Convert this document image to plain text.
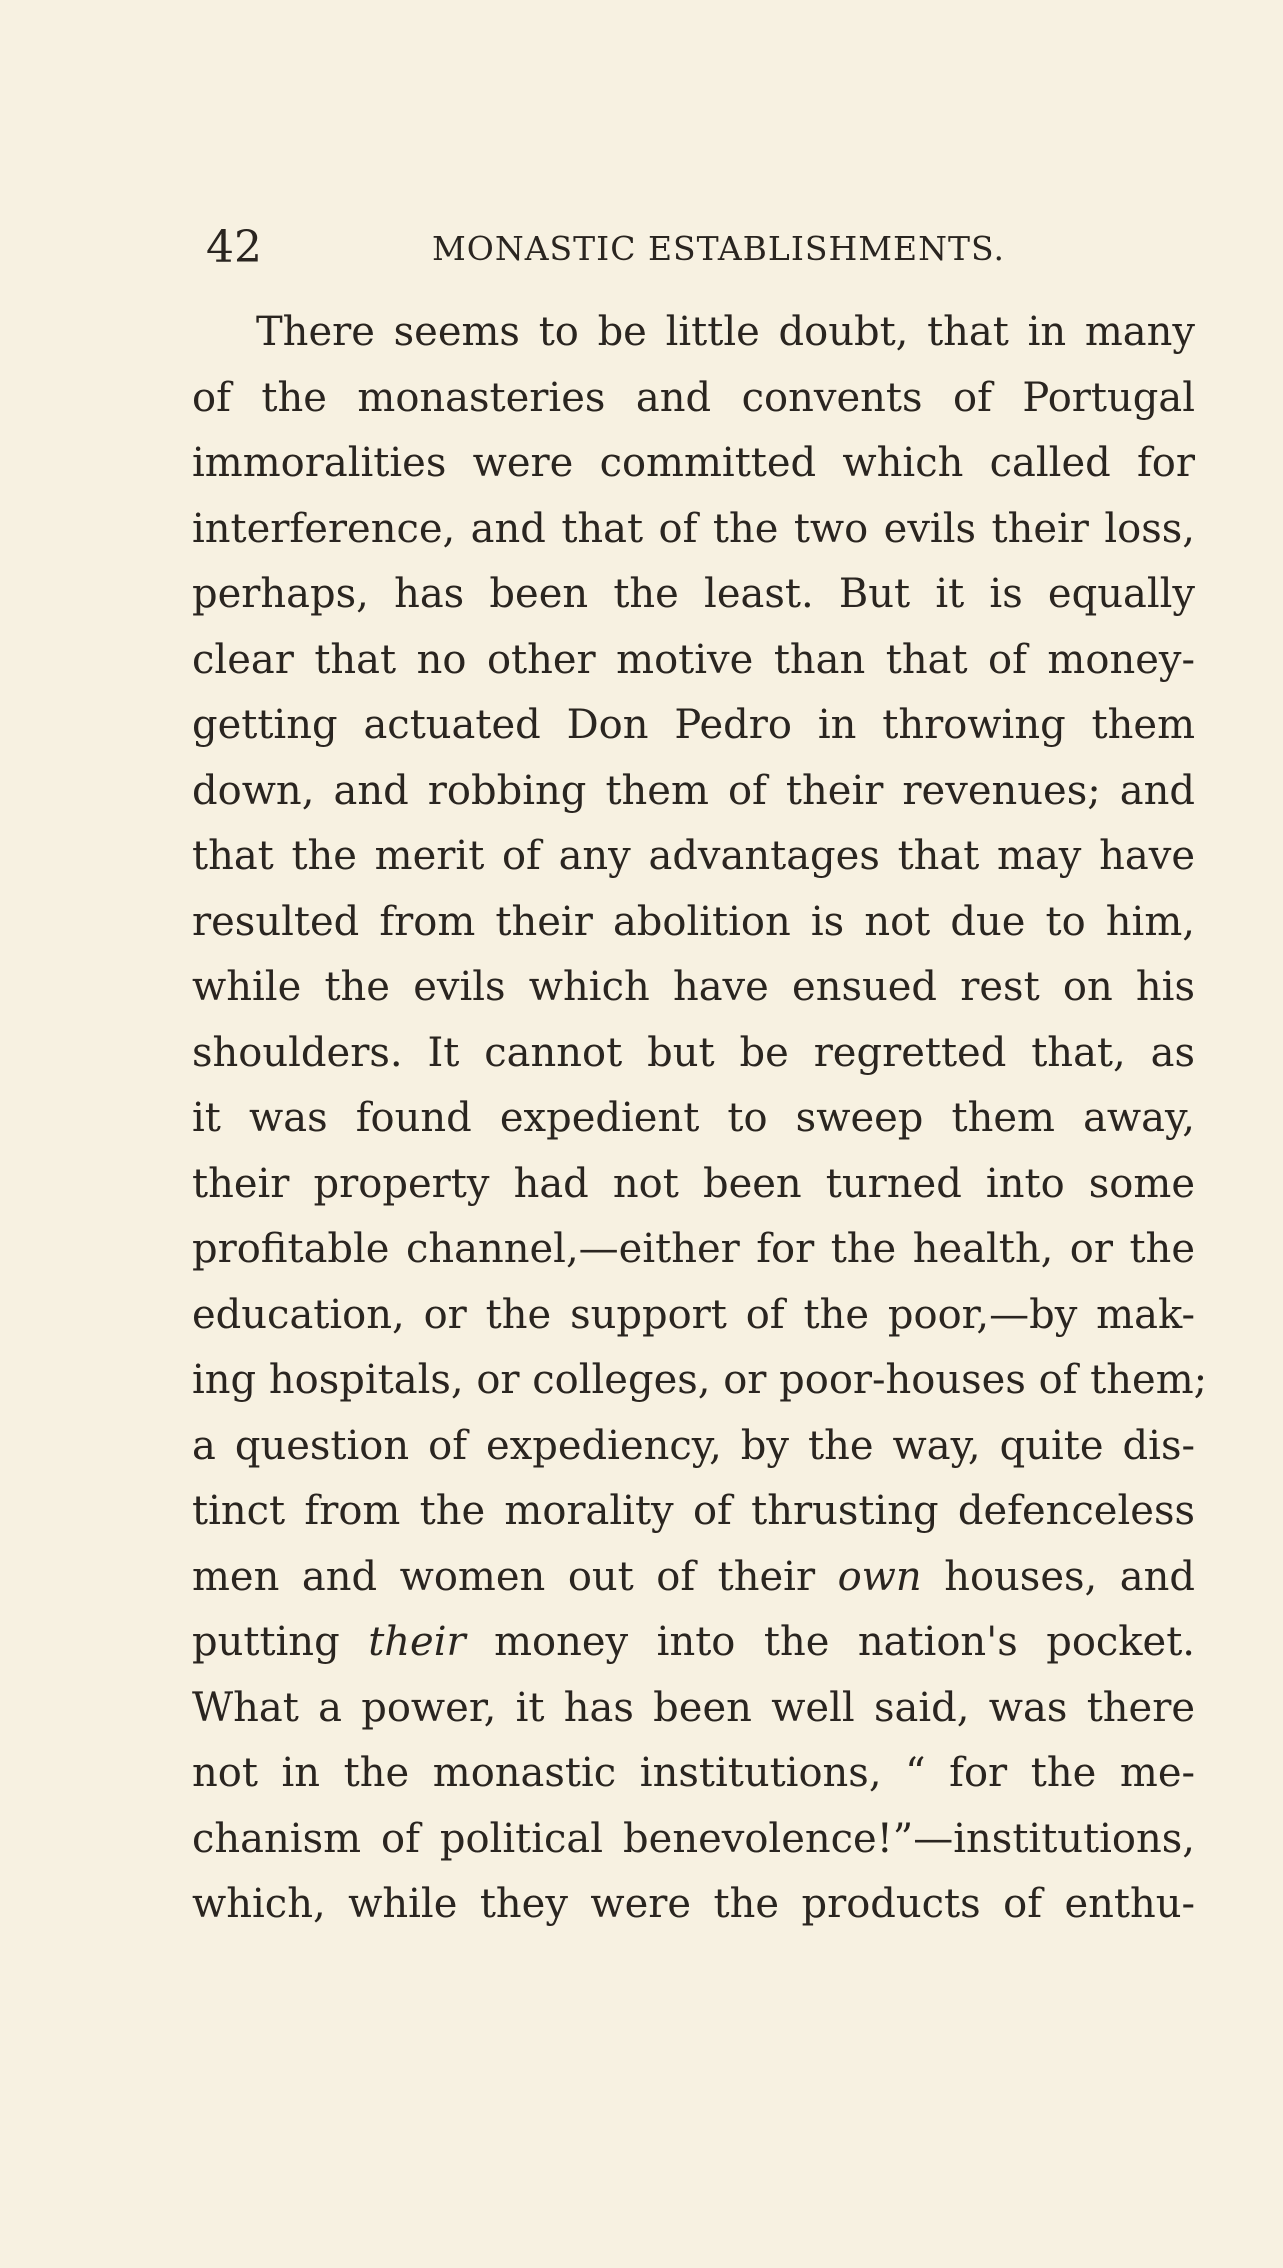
42	MONASTIC ESTABLISHMENTS.
There seems to be little doubt, that in many
of the monasteries and convents of Portugal
immoralities were committed which called for
interference, and that of the two evils their loss,
perhaps, has been the least. But it is equally
clear that no other motive than that of money-
getting actuated Don Pedro in throwing them
down, and robbing them of their revenues; and
that the merit of any advantages that may have
resulted from their abolition is not due to him,
while the evils which have ensued rest on his
shoulders. It cannot but be regretted that, as
it was found expedient to sweep them away,
their property had not been turned into some
profitable channel,—either for the health, or the
education, or the support of the poor,—by mak-
ing hospitals, or colleges, or poor-houses of them;
a question of expediency, by the way, quite dis-
tinct from the morality of thrusting defenceless
men and women out of their own houses, and
putting their money into the nation's pocket.
What a power, it has been well said, was there
not in the monastic institutions, “ for the me-
chanism of political benevolence!”—institutions,
which, while they were the products of enthu-
